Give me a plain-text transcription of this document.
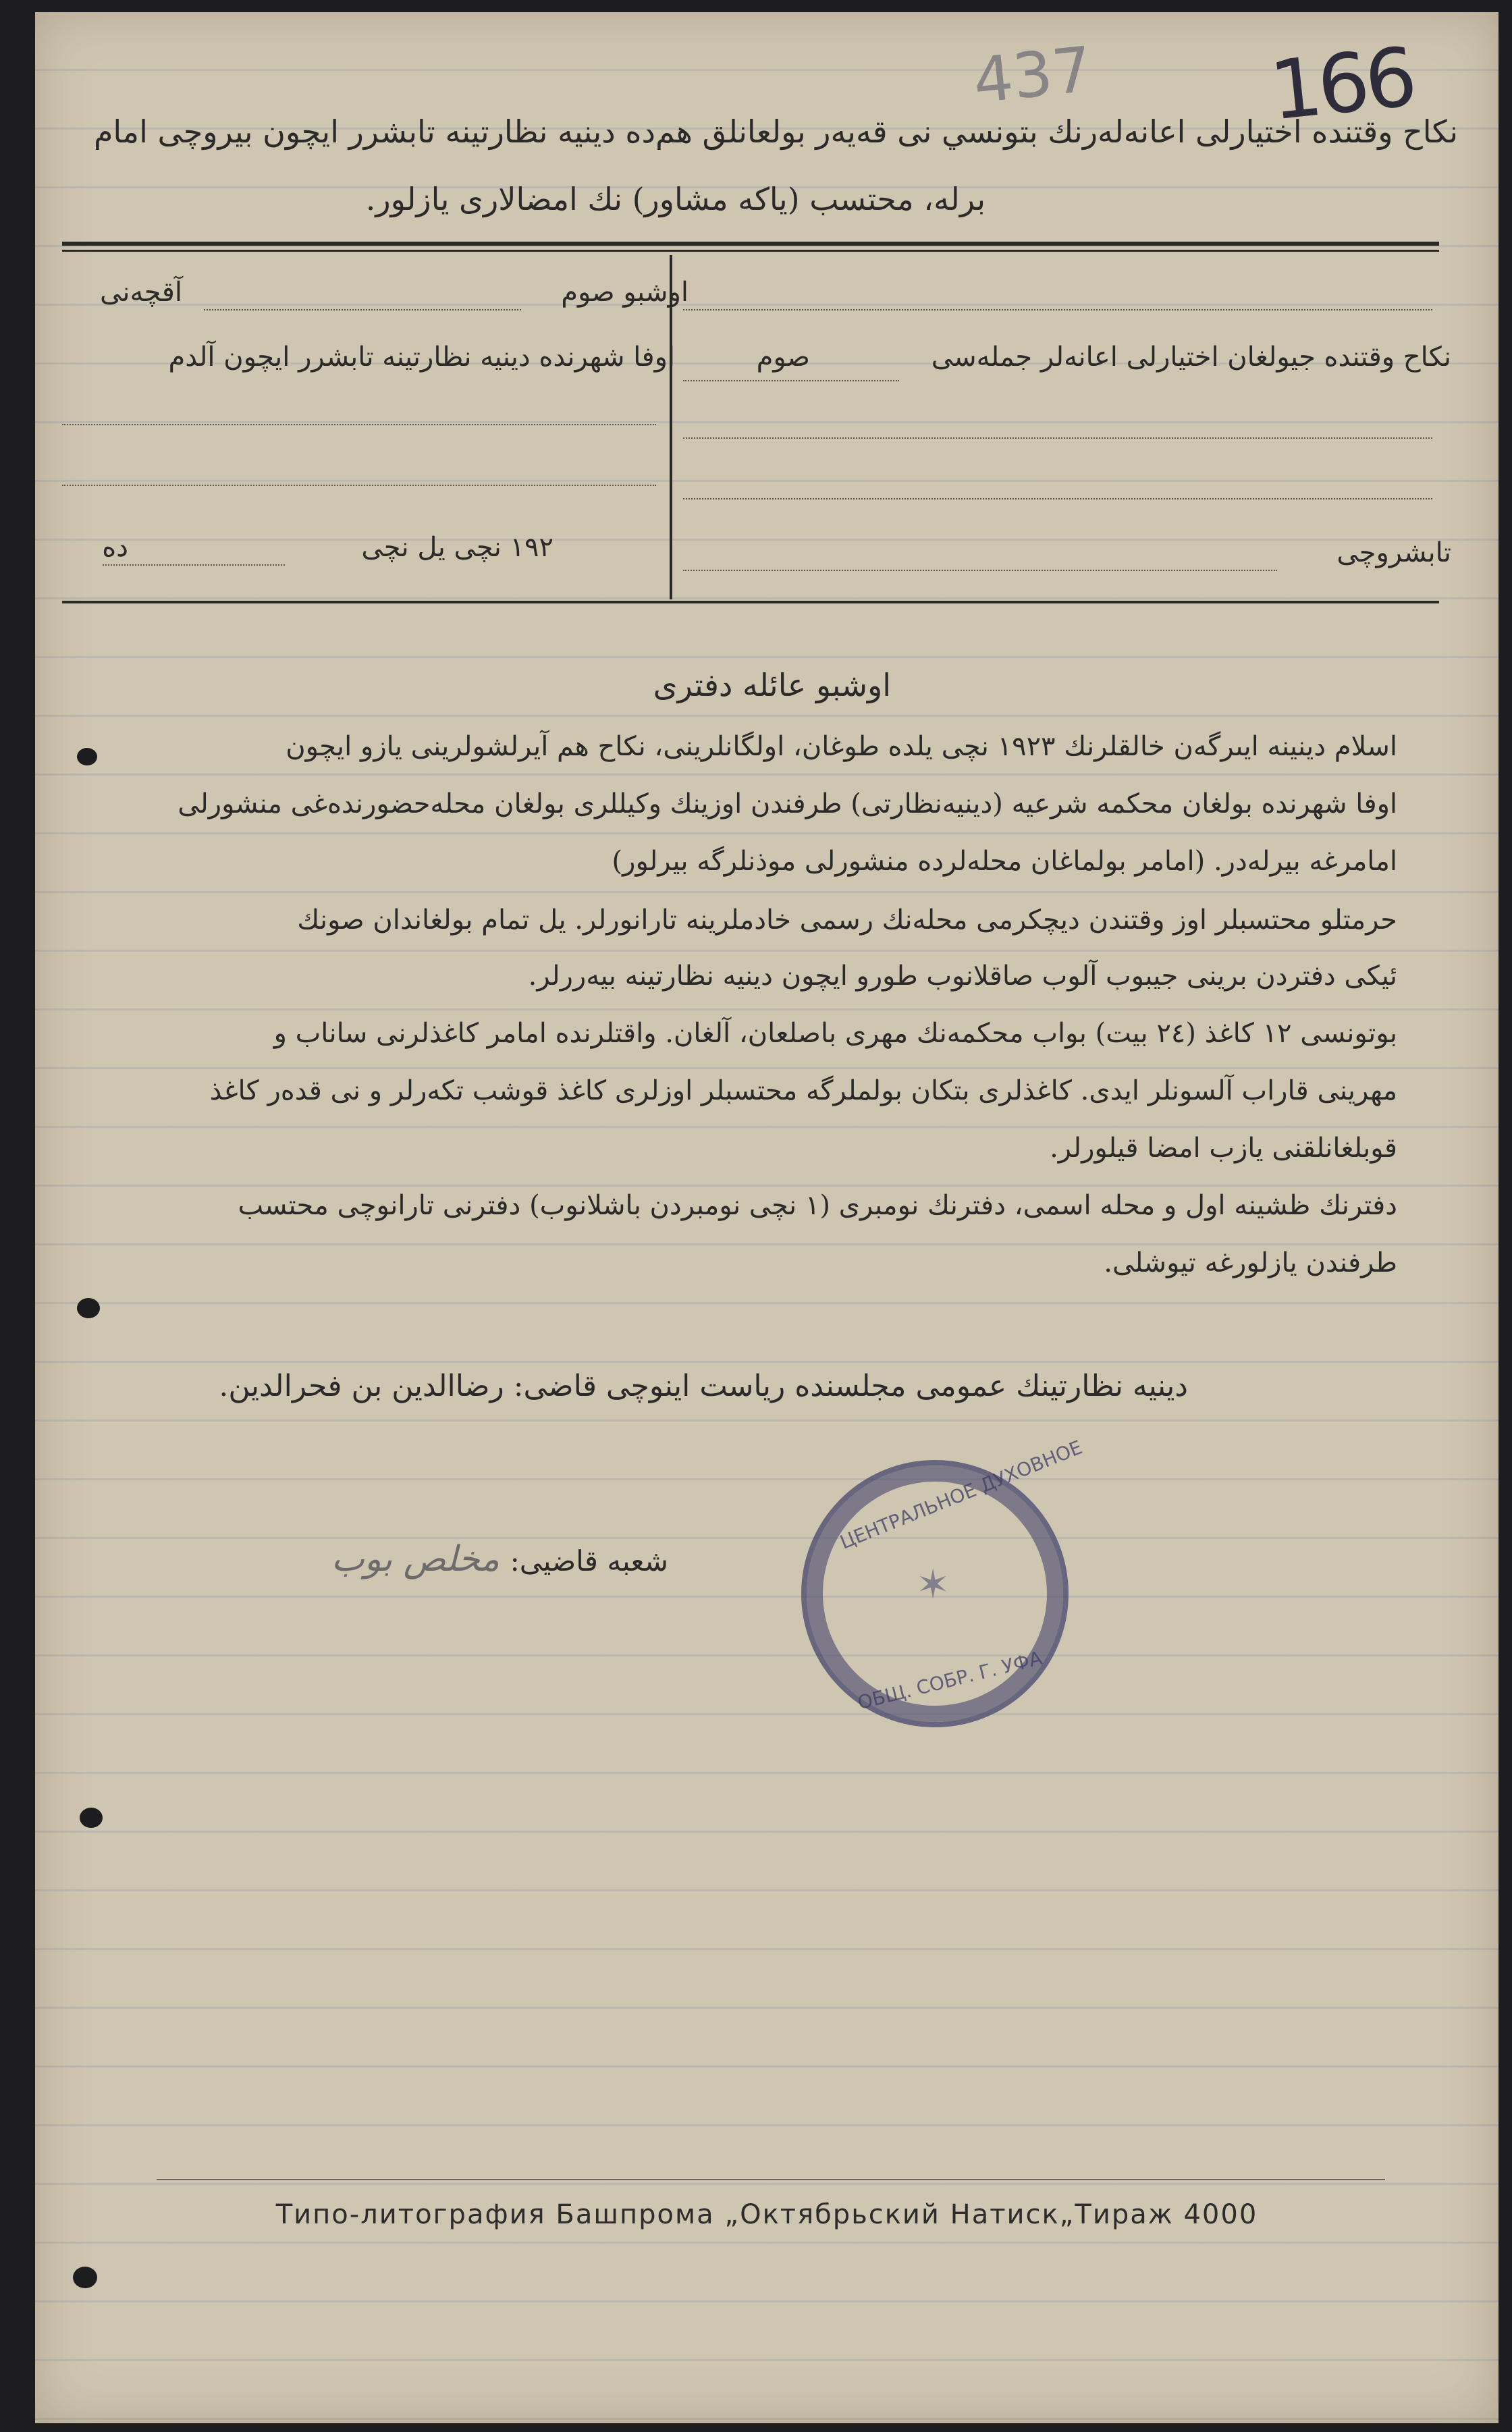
437 166
نكاح وقتنده اختيارلى اعانەلەرنك بتونسي نى قەيەر بولعانلق هم‌دە دينيه نظارتينه تابشرر ايچون بيروچى امام
برله، محتسب (ياكه مشاور) نك امضالارى يازلور.
اوشبو صوم
آقچەنى
اوفا شهرنده دينيه نظارتينه تابشرر ايچون آلدم
۱۹۲ نچى يل نچى
ده
نكاح وقتنده جيولغان اختيارلى اعانەلر جملەسى
صوم
تابشروچى
اوشبو عائله دفترى
اسلام دينينه ايىرگەن خالقلرنك ١٩٢٣ نچى يلده طوغان، اولگانلرينى، نكاح هم آيرلشولرينى يازو ايچون
اوفا شهرنده بولغان محكمه شرعيه (دينيه‌نظارتى) طرفندن اوزينك وكيللرى بولغان محله‌حضورنده‌غى منشورلى
امامرغه بيرلەدر. (امامر بولماغان محلەلرده منشورلى موذنلرگه بيرلور)
حرمتلو محتسبلر اوز وقتندن ديچكرمى محلەنك رسمى خادملرينه تارانورلر. يل تمام بولغاندان صونك
ئيكى دفتردن برينى جيبوب آلوب صاقلانوب طورو ايچون دينيه نظارتينه بيەررلر.
بوتونسى ١٢ كاغذ (٢٤ بيت) بواب محكمەنك مهرى باصلعان، آلغان. واقتلرنده امامر كاغذلرنى ساناب و
مهرينى قاراب آلسونلر ايدى. كاغذلرى بتكان بولملرگه محتسبلر اوزلرى كاغذ قوشب تكەرلر و نى قدەر كاغذ
قوبلغانلقنى يازب امضا قيلورلر.
دفترنك ظشينه اول و محله اسمى، دفترنك نومبرى (١ نچى نومبردن باشلانوب) دفترنى تارانوچى محتسب
طرفندن يازلورغه تيوشلى.
دينيه نظارتينك عمومى مجلسنده رياست اينوچى قاضى: رضاالدين بن فحرالدين.
شعبه قاضيى:
مخلص بوب
ЦЕНТРАЛЬНОЕ ДУХОВНОЕ
ОБЩ. СОБР. Г. УФА
✶
Типо-литография Башпрома „Октябрьский Натиск„Тираж 4000
